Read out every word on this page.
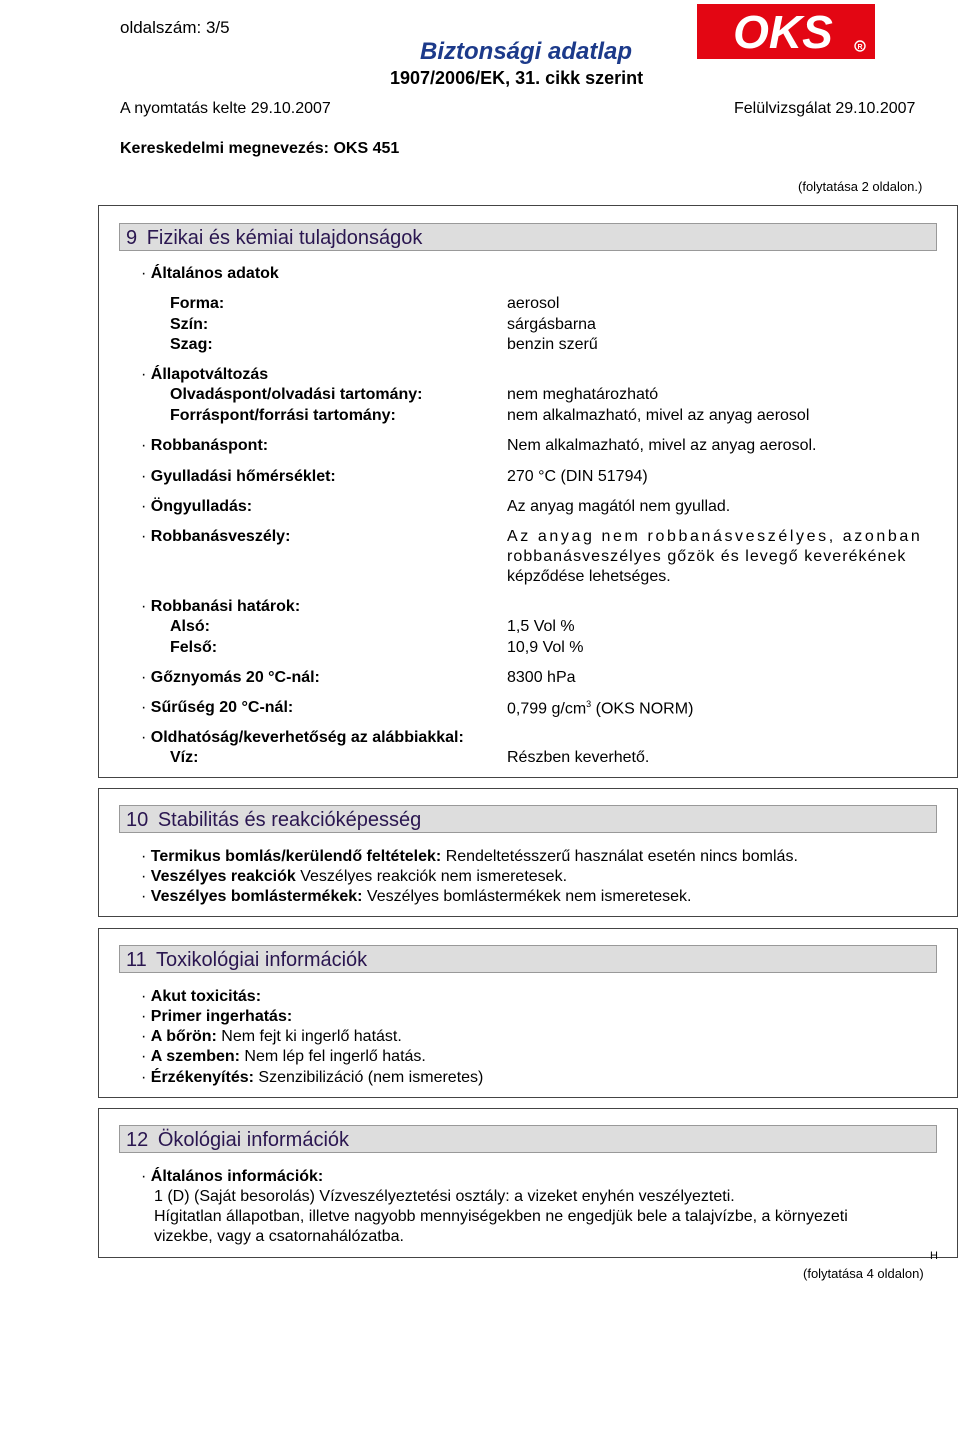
oldalszám: 3/5
Biztonsági adatlap
1907/2006/EK, 31. cikk szerint
OKS	R
A nyomtatás kelte 29.10.2007	Felülvizsgálat 29.10.2007
Kereskedelmi megnevezés: OKS 451
(folytatása 2 oldalon.)
9 Fizikai és kémiai tulajdonságok
· Általános adatok
Forma:	aerosol
Szín:	sárgásbarna
Szag:	benzin szerű
· Állapotváltozás
Olvadáspont/olvadási tartomány:	nem meghatározható
Forráspont/forrási tartomány:	nem alkalmazható, mivel az anyag aerosol
· Robbanáspont:	Nem alkalmazható, mivel az anyag aerosol.
· Gyulladási hőmérséklet:	270 °C (DIN 51794)
· Öngyulladás:	Az anyag magától nem gyullad.
· Robbanásveszély:	Az anyag nem robbanásveszélyes, azonban
robbanásveszélyes gőzök és levegő keverékének
képződése lehetséges.
· Robbanási határok:
Alsó:	1,5 Vol %
Felső:	10,9 Vol %
· Gőznyomás 20 °C-nál:	8300 hPa
· Sűrűség 20 °C-nál:	0,799 $g/cm^3$ (OKS NORM)
· Oldhatóság/keverhetőség az alábbiakkal:
Víz:	Részben keverhető.
10 Stabilitás és reakcióképesség
· Termikus bomlás/kerülendő feltételek: Rendeltetésszerű használat esetén nincs bomlás.
· Veszélyes reakciók Veszélyes reakciók nem ismeretesek.
· Veszélyes bomlástermékek: Veszélyes bomlástermékek nem ismeretesek.
11 Toxikológiai információk
· Akut toxicitás:
· Primer ingerhatás:
· A bőrön: Nem fejt ki ingerlő hatást.
· A szemben: Nem lép fel ingerlő hatás.
· Érzékenyítés: Szenzibilizáció (nem ismeretes)
12 Ökológiai információk
· Általános információk:
1 (D) (Saját besorolás) Vízveszélyeztetési osztály: a vizeket enyhén veszélyezteti.
Hígitatlan állapotban, illetve nagyobb mennyiségekben ne engedjük bele a talajvízbe, a környezeti
vizekbe, vagy a csatornahálózatba.
H
(folytatása 4 oldalon)
